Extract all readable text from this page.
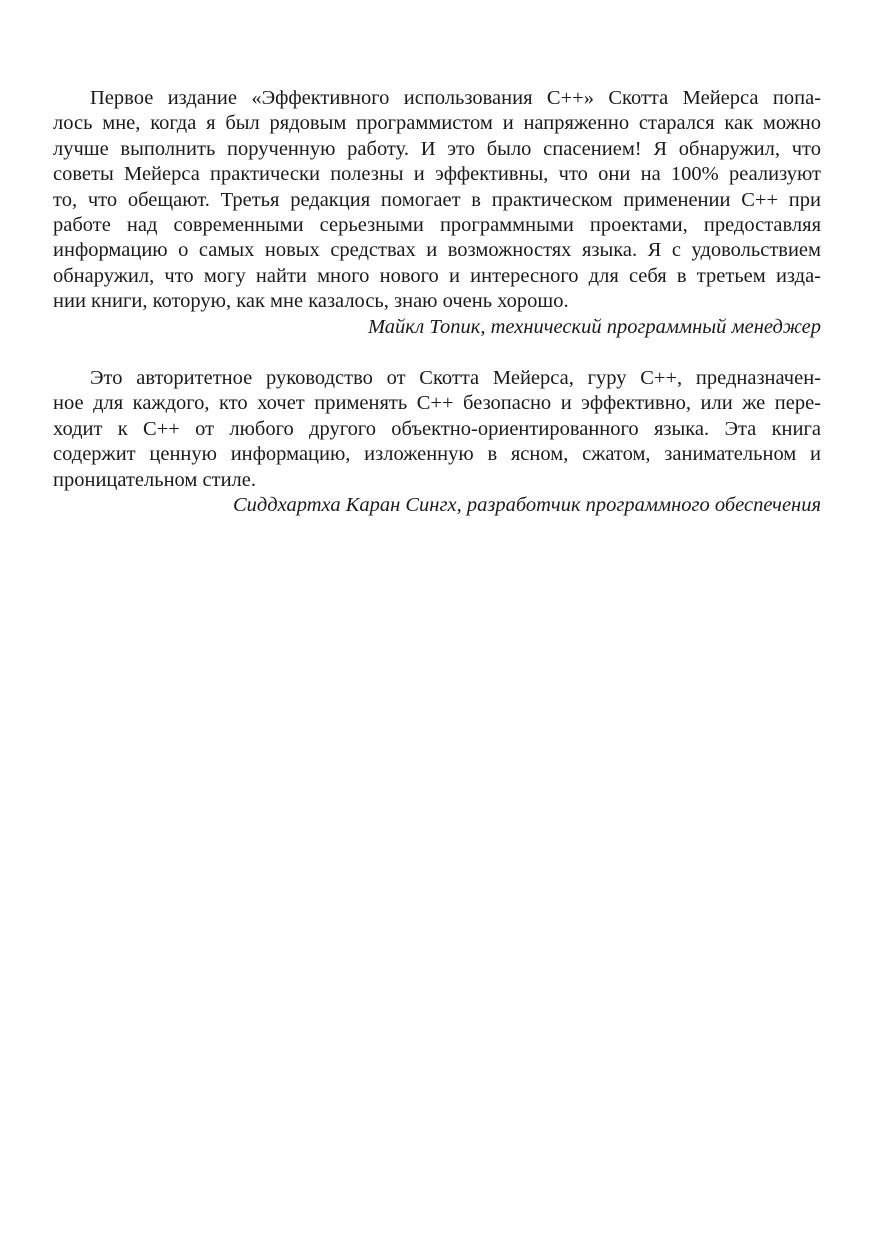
Первое издание «Эффективного использования C++» Скотта Мейерса попа-
лось мне, когда я был рядовым программистом и напряженно старался как можно
лучше выполнить порученную работу. И это было спасением! Я обнаружил, что
советы Мейерса практически полезны и эффективны, что они на 100% реализуют
то, что обещают. Третья редакция помогает в практическом применении C++ при
работе над современными серьезными программными проектами, предоставляя
информацию о самых новых средствах и возможностях языка. Я с удовольствием
обнаружил, что могу найти много нового и интересного для себя в третьем изда-
нии книги, которую, как мне казалось, знаю очень хорошо.

Майкл Топик, технический программный менеджер

Это авторитетное руководство от Скотта Мейерса, гуру C++, предназначен-
ное для каждого, кто хочет применять C++ безопасно и эффективно, или же пере-
ходит к C++ от любого другого объектно-ориентированного языка. Эта книга
содержит ценную информацию, изложенную в ясном, сжатом, занимательном и
проницательном стиле.

Сиддхартха Каран Сингх, разработчик программного обеспечения
